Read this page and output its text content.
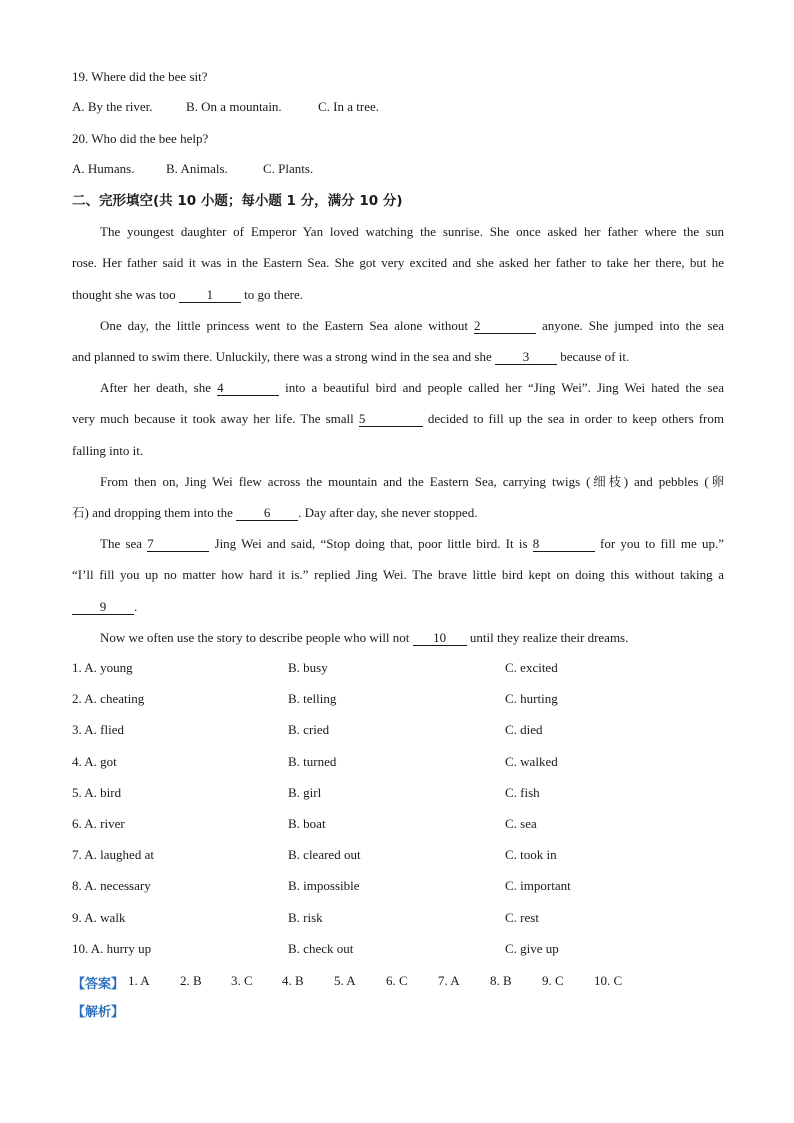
19. Where did the bee sit?
A. By the river.	B. On a mountain.	C. In a tree.
20. Who did the bee help?
A. Humans. B. Animals.	C. Plants.
二、完形填空(共 10 小题；每小题 1 分，满分 10 分)
The youngest daughter of Emperor Yan loved watching the sunrise. She once asked her father where the sun
rose. Her father said it was in the Eastern Sea. She got very excited and she asked her father to take her there, but he
thought she was too 1 to go there.
One day, the little princess went to the Eastern Sea alone without 2	anyone. She jumped into the sea
and planned to swim there. Unluckily, there was a strong wind in the sea and she 3 because of it.
After her death, she 4	into a beautiful bird and people called her “Jing Wei”. Jing Wei hated the sea
very much because it took away her life. The small 5	decided to fill up the sea in order to keep others from
falling into it.
From then on, Jing Wei flew across the mountain and the Eastern Sea, carrying twigs (细枝) and pebbles (卵
石) and dropping them into the 6 . Day after day, she never stopped.
The sea 7	Jing Wei and said, “Stop doing that, poor little bird. It is 8	for you to fill me up.”
“I’ll fill you up no matter how hard it is.” replied Jing Wei. The brave little bird kept on doing this without taking a
9 .
Now we often use the story to describe people who will not 10 until they realize their dreams.
1. A. young	B. busy	C. excited
2. A. cheating	B. telling	C. hurting
3. A. flied	B. cried	C. died
4. A. got	B. turned	C. walked
5. A. bird	B. girl	C. fish
6. A. river	B. boat	C. sea
7. A. laughed at	B. cleared out	C. took in
8. A. necessary	B. impossible	C. important
9. A. walk	B. risk	C. rest
10. A. hurry up	B. check out	C. give up
【答案】 1. A 2. B 3. C 4. B 5. A 6. C 7. A 8. B 9. C 10. C
【解析】
